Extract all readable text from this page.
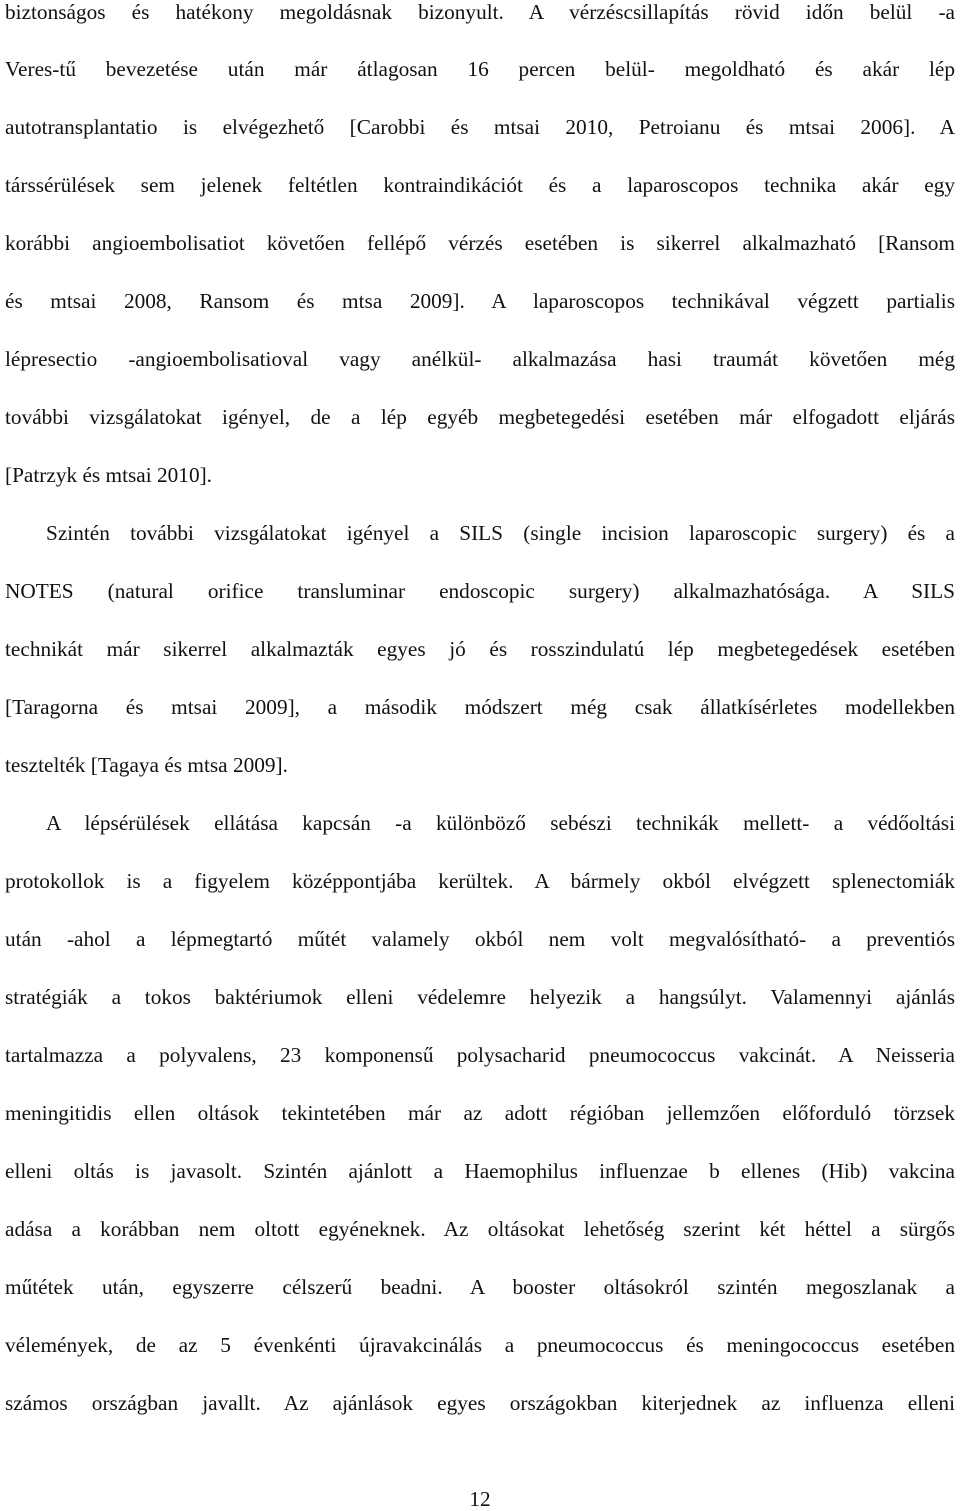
biztonságos és hatékony megoldásnak bizonyult. A vérzéscsillapítás rövid időn belül -a
Veres-tű bevezetése után már átlagosan 16 percen belül- megoldható és akár lép
autotransplantatio is elvégezhető [Carobbi és mtsai 2010, Petroianu és mtsai 2006]. A
társsérülések sem jelenek feltétlen kontraindikációt és a laparoscopos technika akár egy
korábbi angioembolisatiot követően fellépő vérzés esetében is sikerrel alkalmazható [Ransom
és mtsai 2008, Ransom és mtsa 2009]. A laparoscopos technikával végzett partialis
lépresectio -angioembolisatioval vagy anélkül- alkalmazása hasi traumát követően még
további vizsgálatokat igényel, de a lép egyéb megbetegedési esetében már elfogadott eljárás
[Patrzyk és mtsai 2010].
Szintén további vizsgálatokat igényel a SILS (single incision laparoscopic surgery) és a
NOTES (natural orifice transluminar endoscopic surgery) alkalmazhatósága. A SILS
technikát már sikerrel alkalmazták egyes jó és rosszindulatú lép megbetegedések esetében
[Taragorna és mtsai 2009], a második módszert még csak állatkísérletes modellekben
tesztelték [Tagaya és mtsa 2009].
A lépsérülések ellátása kapcsán -a különböző sebészi technikák mellett- a védőoltási
protokollok is a figyelem középpontjába kerültek. A bármely okból elvégzett splenectomiák
után -ahol a lépmegtartó műtét valamely okból nem volt megvalósítható- a preventiós
stratégiák a tokos baktériumok elleni védelemre helyezik a hangsúlyt. Valamennyi ajánlás
tartalmazza a polyvalens, 23 komponensű polysacharid pneumococcus vakcinát. A Neisseria
meningitidis ellen oltások tekintetében már az adott régióban jellemzően előforduló törzsek
elleni oltás is javasolt. Szintén ajánlott a Haemophilus influenzae b ellenes (Hib) vakcina
adása a korábban nem oltott egyéneknek. Az oltásokat lehetőség szerint két héttel a sürgős
műtétek után, egyszerre célszerű beadni. A booster oltásokról szintén megoszlanak a
vélemények, de az 5 évenkénti újravakcinálás a pneumococcus és meningococcus esetében
számos országban javallt. Az ajánlások egyes országokban kiterjednek az influenza elleni
12
